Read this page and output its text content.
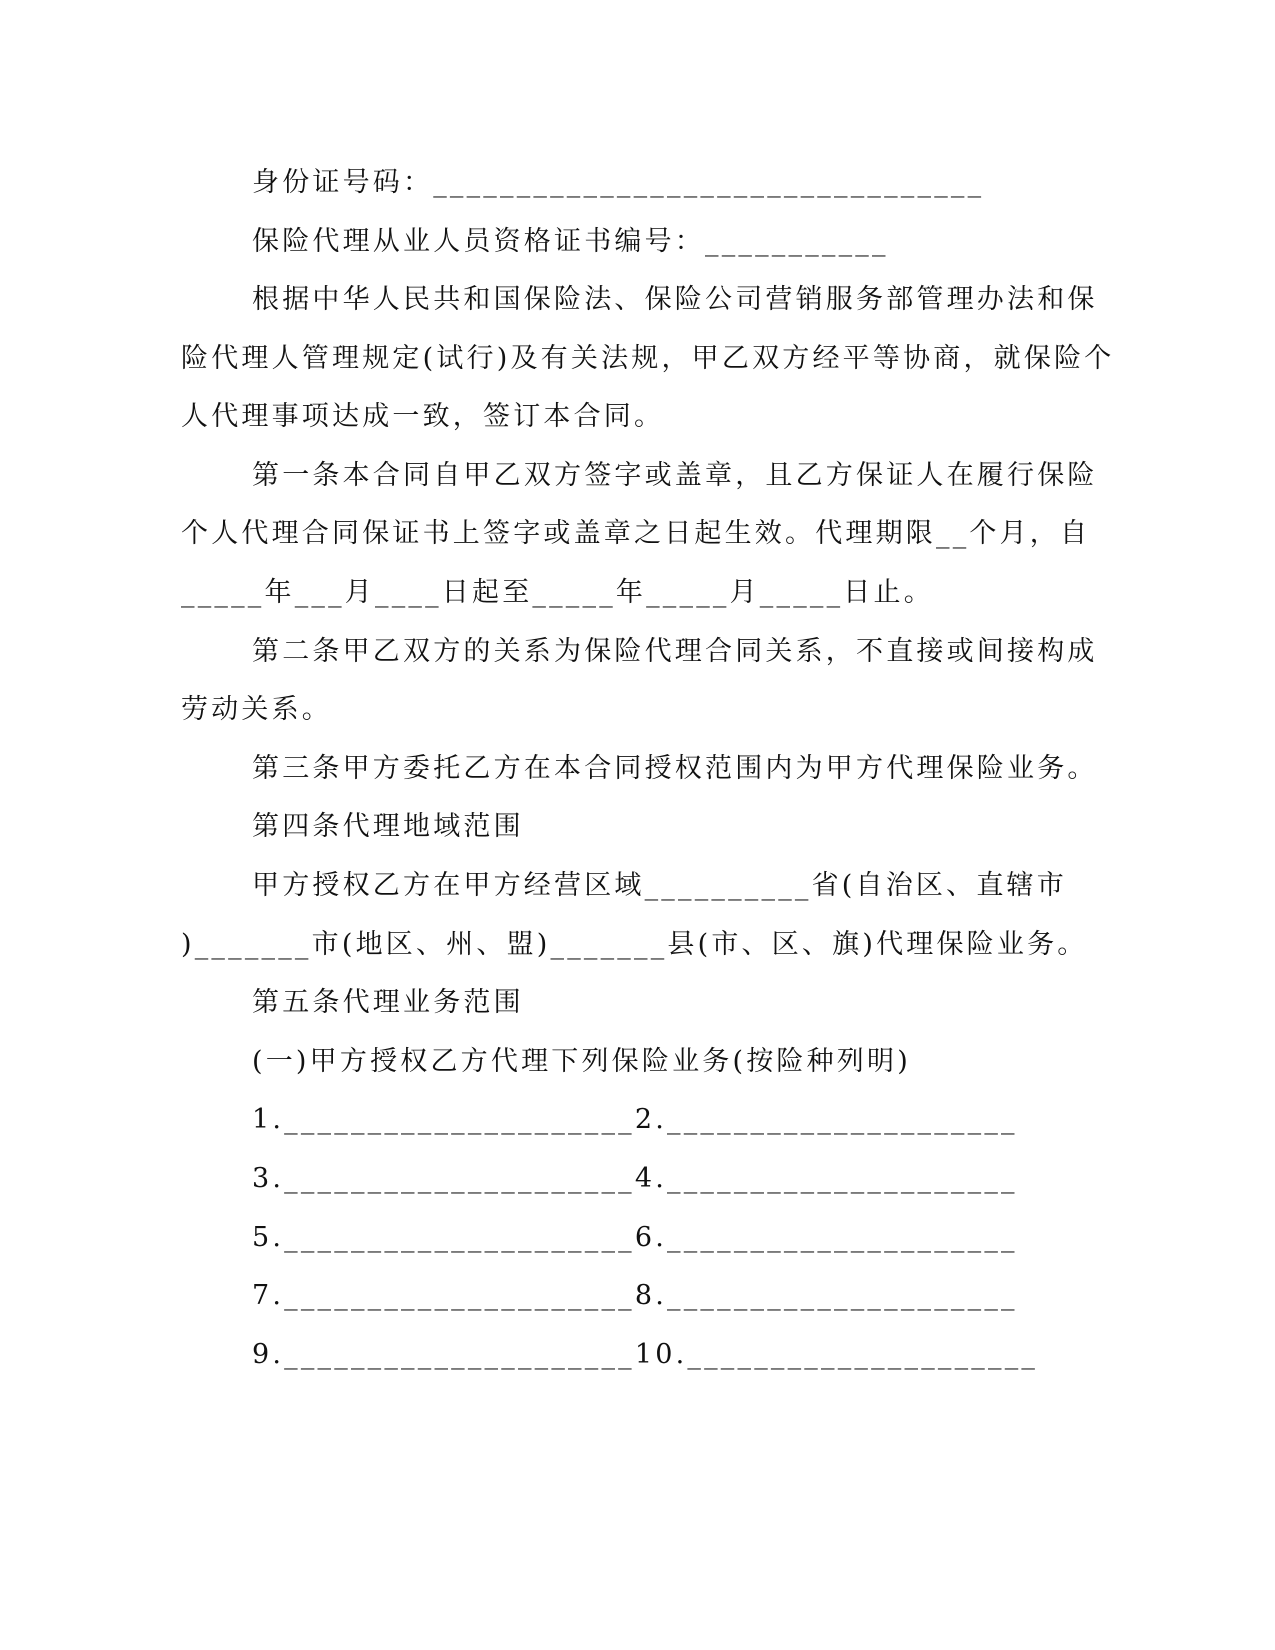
身份证号码：_________________________________
保险代理从业人员资格证书编号：___________
根据中华人民共和国保险法、保险公司营销服务部管理办法和保
险代理人管理规定(试行)及有关法规，甲乙双方经平等协商，就保险个
人代理事项达成一致，签订本合同。
第一条本合同自甲乙双方签字或盖章，且乙方保证人在履行保险
个人代理合同保证书上签字或盖章之日起生效。代理期限__个月，自
_____年___月____日起至_____年_____月_____日止。
第二条甲乙双方的关系为保险代理合同关系，不直接或间接构成
劳动关系。
第三条甲方委托乙方在本合同授权范围内为甲方代理保险业务。
第四条代理地域范围
甲方授权乙方在甲方经营区域__________省(自治区、直辖市
)_______市(地区、州、盟)_______县(市、区、旗)代理保险业务。
第五条代理业务范围
(一)甲方授权乙方代理下列保险业务(按险种列明)
1._____________________2._____________________
3._____________________4._____________________
5._____________________6._____________________
7._____________________8._____________________
9._____________________10._____________________
